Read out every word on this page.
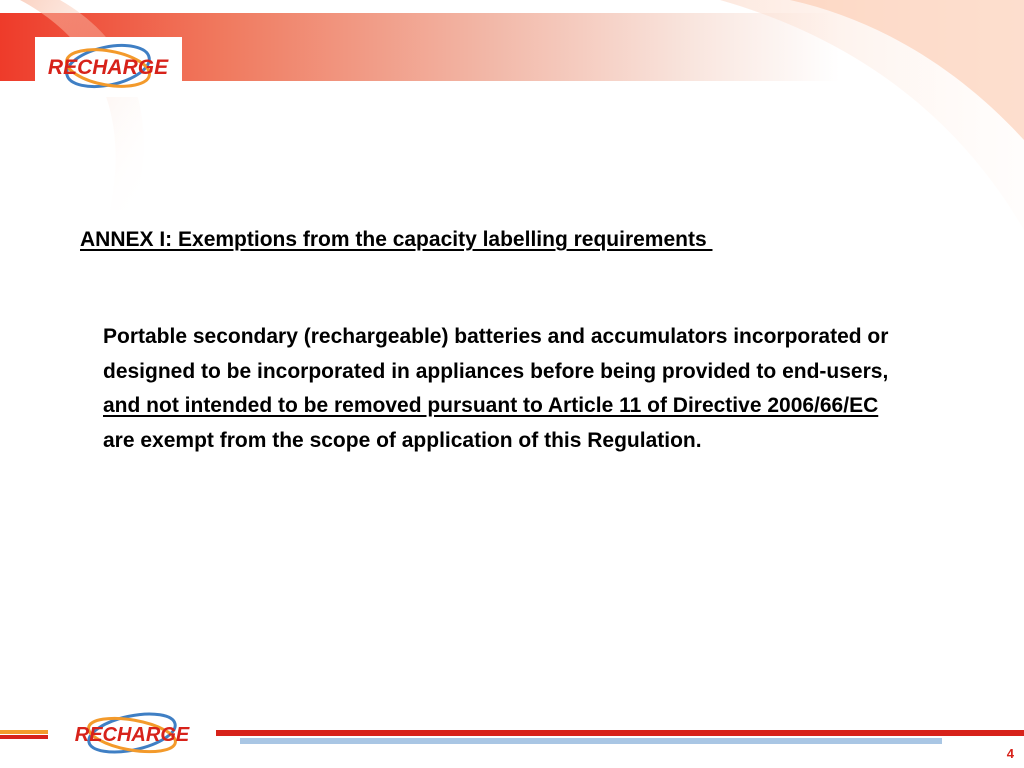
RECHARGE
ANNEX I: Exemptions from the capacity labelling requirements
Portable secondary (rechargeable) batteries and accumulators incorporated or designed to be incorporated in appliances before being provided to end-users, and not intended to be removed pursuant to Article 11 of Directive 2006/66/EC are exempt from the scope of application of this Regulation.
RECHARGE
4
